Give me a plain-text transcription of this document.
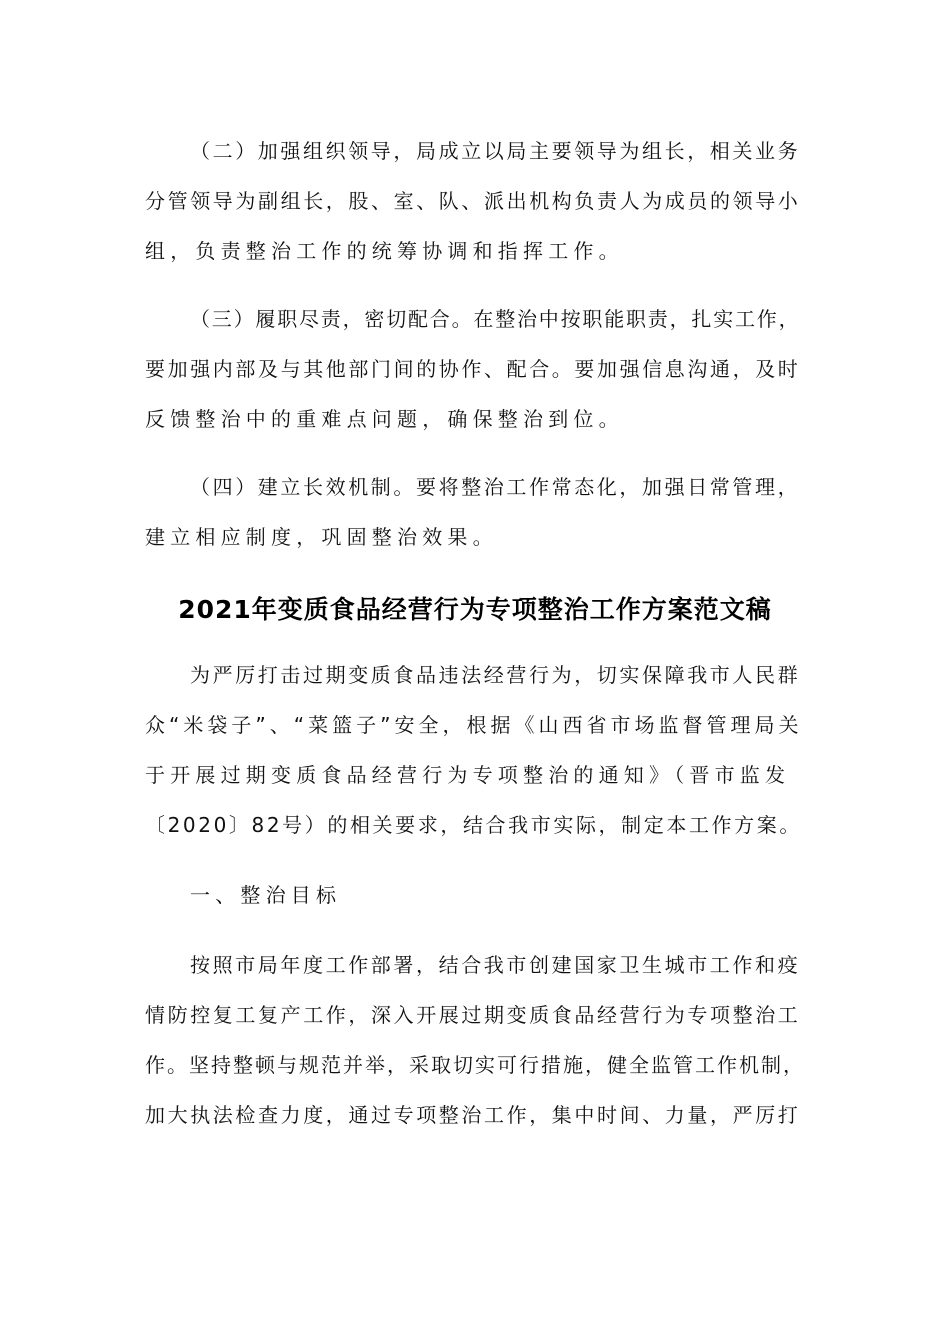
（二）加强组织领导，局成立以局主要领导为组长，相关业务

分管领导为副组长，股、室、队、派出机构负责人为成员的领导小

组，负责整治工作的统筹协调和指挥工作。

（三）履职尽责，密切配合。在整治中按职能职责，扎实工作，

要加强内部及与其他部门间的协作、配合。要加强信息沟通，及时

反馈整治中的重难点问题，确保整治到位。

（四）建立长效机制。要将整治工作常态化，加强日常管理，

建立相应制度，巩固整治效果。

2021年变质食品经营行为专项整治工作方案范文稿

为严厉打击过期变质食品违法经营行为，切实保障我市人民群

众“米袋子”、“菜篮子”安全，根据《山西省市场监督管理局关

于开展过期变质食品经营行为专项整治的通知》（晋市监发

〔2020〕82号）的相关要求，结合我市实际，制定本工作方案。

一、整治目标

按照市局年度工作部署，结合我市创建国家卫生城市工作和疫

情防控复工复产工作，深入开展过期变质食品经营行为专项整治工

作。坚持整顿与规范并举，采取切实可行措施，健全监管工作机制，

加大执法检查力度，通过专项整治工作，集中时间、力量，严厉打
